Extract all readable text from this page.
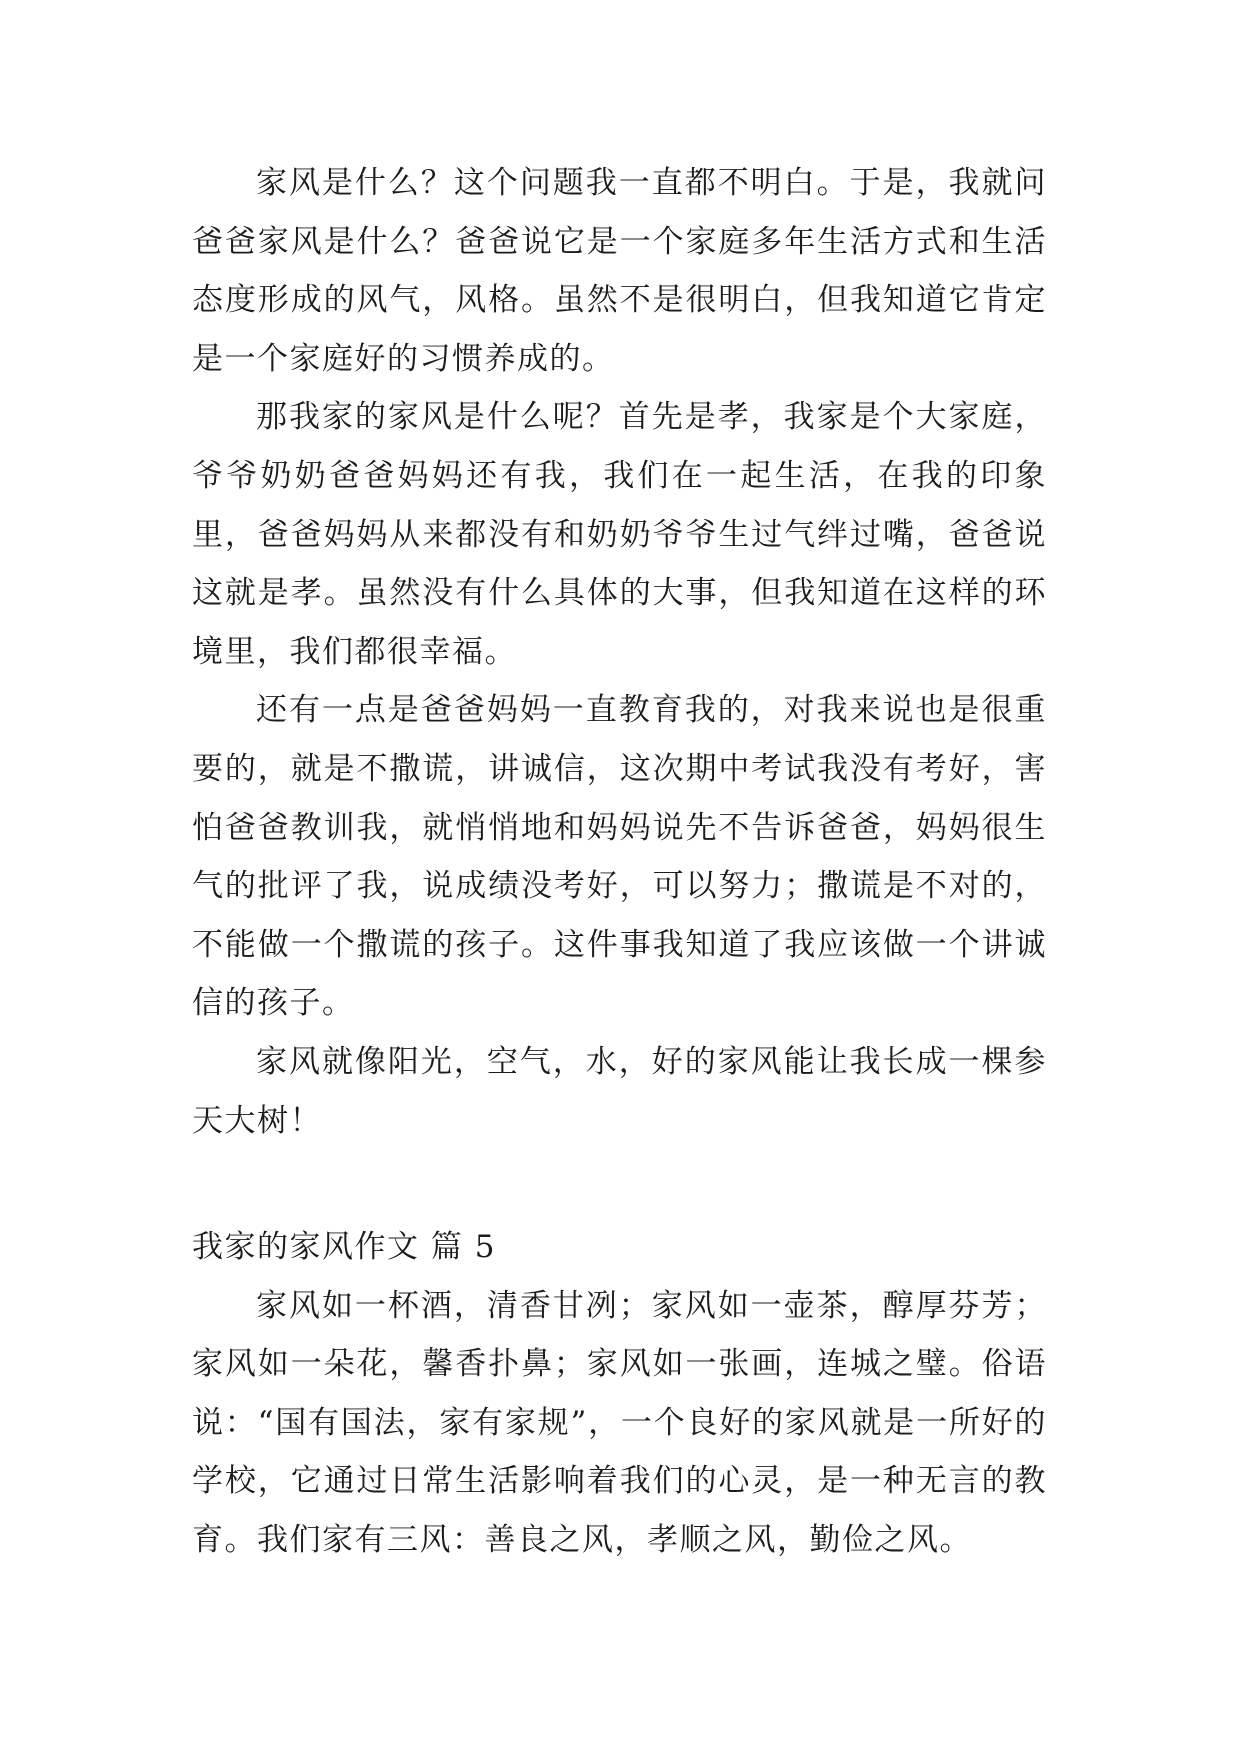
家风是什么？这个问题我一直都不明白。于是，我就问爸爸家风是什么？爸爸说它是一个家庭多年生活方式和生活态度形成的风气，风格。虽然不是很明白，但我知道它肯定是一个家庭好的习惯养成的。

那我家的家风是什么呢？首先是孝，我家是个大家庭，爷爷奶奶爸爸妈妈还有我，我们在一起生活，在我的印象里，爸爸妈妈从来都没有和奶奶爷爷生过气绊过嘴，爸爸说这就是孝。虽然没有什么具体的大事，但我知道在这样的环境里，我们都很幸福。

还有一点是爸爸妈妈一直教育我的，对我来说也是很重要的，就是不撒谎，讲诚信，这次期中考试我没有考好，害怕爸爸教训我，就悄悄地和妈妈说先不告诉爸爸，妈妈很生气的批评了我，说成绩没考好，可以努力；撒谎是不对的，不能做一个撒谎的孩子。这件事我知道了我应该做一个讲诚信的孩子。

家风就像阳光，空气，水，好的家风能让我长成一棵参天大树！

我家的家风作文 篇 5

家风如一杯酒，清香甘冽；家风如一壶茶，醇厚芬芳；家风如一朵花，馨香扑鼻；家风如一张画，连城之璧。俗语说：“国有国法，家有家规”，一个良好的家风就是一所好的学校，它通过日常生活影响着我们的心灵，是一种无言的教育。我们家有三风：善良之风，孝顺之风，勤俭之风。
